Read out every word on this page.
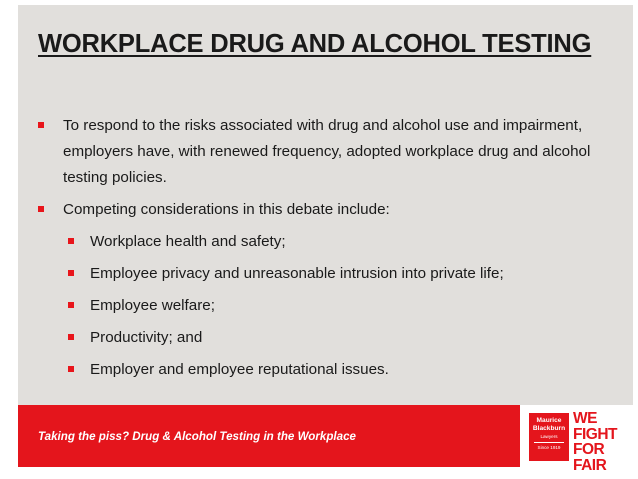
WORKPLACE DRUG AND ALCOHOL TESTING
To respond to the risks associated with drug and alcohol use and impairment, employers have, with renewed frequency, adopted workplace drug and alcohol testing policies.
Competing considerations in this debate include:
Workplace health and safety;
Employee privacy and unreasonable intrusion into private life;
Employee welfare;
Productivity; and
Employer and employee reputational issues.
Taking the piss? Drug & Alcohol Testing in the Workplace
Maurice
Blackburn
Lawyers
Since 1919
WE
FIGHT
FOR
FAIR
